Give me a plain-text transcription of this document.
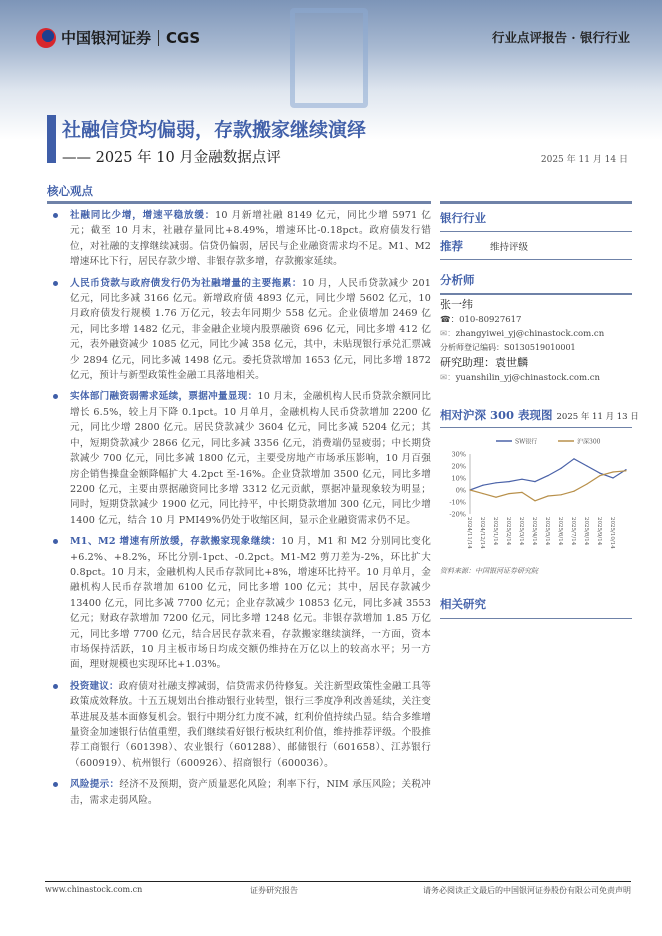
中国银河证券 CGS	行业点评报告 · 银行行业
社融信贷均偏弱，存款搬家继续演绎
—— 2025 年 10 月金融数据点评	2025 年 11 月 14 日
核心观点
社融同比少增，增速平稳放缓：10 月新增社融 8149 亿元，同比少增 5971 亿元；截至 10 月末，社融存量同比+8.49%，增速环比-0.18pct。政府债发行错位，对社融的支撑继续减弱。信贷仍偏弱，居民与企业融资需求均不足。M1、M2 增速环比下行，居民存款少增、非银存款多增，存款搬家延续。
人民币贷款与政府债发行仍为社融增量的主要拖累：10 月，人民币贷款减少 201 亿元，同比多减 3166 亿元。新增政府债 4893 亿元，同比少增 5602 亿元，10 月政府债发行规模 1.76 万亿元，较去年同期少 558 亿元。企业债增加 2469 亿元，同比多增 1482 亿元，非金融企业境内股票融资 696 亿元，同比多增 412 亿元，表外融资减少 1085 亿元，同比少减 358 亿元，其中，未贴现银行承兑汇票减少 2894 亿元，同比多减 1498 亿元。委托贷款增加 1653 亿元，同比多增 1872 亿元，预计与新型政策性金融工具落地相关。
实体部门融资弱需求延续，票据冲量显现：10 月末，金融机构人民币贷款余额同比增长 6.5%，较上月下降 0.1pct。10 月单月，金融机构人民币贷款增加 2200 亿元，同比少增 2800 亿元。居民贷款减少 3604 亿元，同比多减 5204 亿元；其中，短期贷款减少 2866 亿元，同比多减 3356 亿元，消费端仍显疲弱；中长期贷款减少 700 亿元，同比多减 1800 亿元，主要受房地产市场承压影响，10 月百强房企销售操盘金额降幅扩大 4.2pct 至-16%。企业贷款增加 3500 亿元，同比多增 2200 亿元，主要由票据融资同比多增 3312 亿元贡献，票据冲量现象较为明显；同时，短期贷款减少 1900 亿元，同比持平，中长期贷款增加 300 亿元，同比少增 1400 亿元，结合 10 月 PMI49%仍处于收缩区间，显示企业融资需求仍不足。
M1、M2 增速有所放缓，存款搬家现象继续：10 月，M1 和 M2 分别同比变化+6.2%、+8.2%，环比分别-1pct、-0.2pct。M1-M2 剪刀差为-2%，环比扩大 0.8pct。10 月末，金融机构人民币存款同比+8%，增速环比持平。10 月单月，金融机构人民币存款增加 6100 亿元，同比多增 100 亿元；其中，居民存款减少 13400 亿元，同比多减 7700 亿元；企业存款减少 10853 亿元，同比多减 3553 亿元；财政存款增加 7200 亿元，同比多增 1248 亿元。非银存款增加 1.85 万亿元，同比多增 7700 亿元，结合居民存款来看，存款搬家继续演绎，一方面，资本市场保持活跃，10 月主板市场日均成交额仍维持在万亿以上的较高水平；另一方面，理财规模也实现环比+1.03%。
投资建议：政府债对社融支撑减弱，信贷需求仍待修复。关注新型政策性金融工具等政策成效释放。十五五规划出台推动银行业转型，银行三季度净利改善延续，关注变革进展及基本面修复机会。银行中期分红力度不减，红利价值持续凸显。结合多维增量资金加速银行估值重塑，我们继续看好银行板块红利价值，维持推荐评级。个股推荐工商银行（601398）、农业银行（601288）、邮储银行（601658）、江苏银行（600919）、杭州银行（600926）、招商银行（600036）。
风险提示：经济不及预期，资产质量恶化风险；利率下行，NIM 承压风险；关税冲击，需求走弱风险。
银行行业
推荐	维持评级
分析师
张一纬
☎：010-80927617
✉：zhangyiwei_yj@chinastock.com.cn
分析师登记编码：S0130519010001
研究助理：袁世麟
✉：yuanshilin_yj@chinastock.com.cn
相对沪深 300 表现图 2025 年 11 月 13 日
30%
20%
10%
0%
-10%
-20%
2024/11/14 2024/12/14 2025/1/14 2025/2/14 2025/3/14 2025/4/14 2025/5/14 2025/6/14 2025/7/14 2025/8/14 2025/9/14 2025/10/14
SW银行	沪深300
资料来源：中国银河证券研究院
相关研究
www.chinastock.com.cn	证券研究报告	请务必阅读正文最后的中国银河证券股份有限公司免责声明
